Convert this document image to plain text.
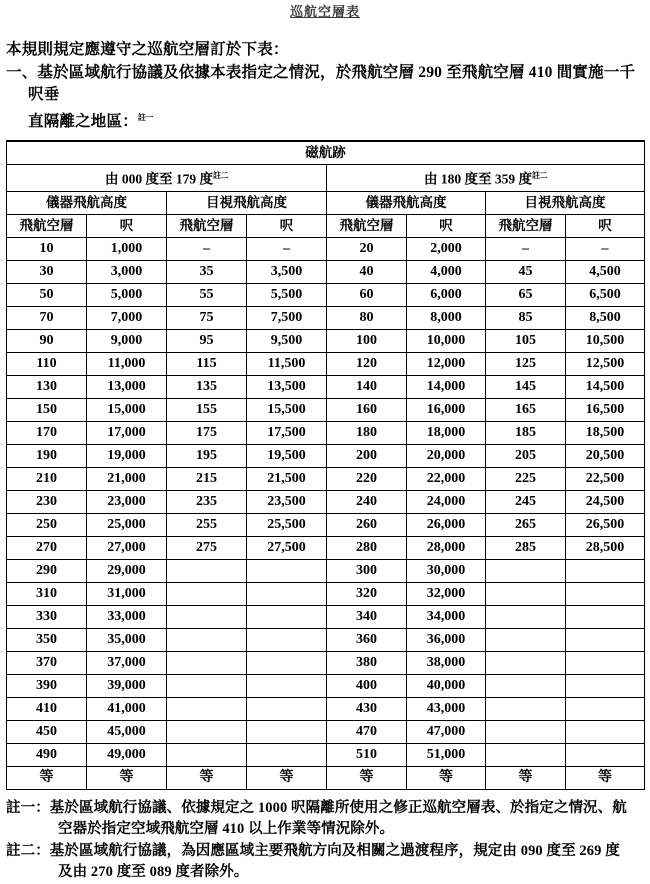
巡航空層表

本規則規定應遵守之巡航空層訂於下表：

一、基於區域航行協議及依據本表指定之情況，於飛航空層 290 至飛航空層 410 間實施一千呎垂
直隔離之地區：$^{註一}$

磁航跡							
由 000 度至 179 度$^{註二}$				由 180 度至 359 度$^{註二}$
儀器飛航高度		目視飛航高度		儀器飛航高度		目視飛航高度	
飛航空層	呎	飛航空層	呎	飛航空層	呎	飛航空層	呎
10	1,000	–	–	20	2,000	–	–
30	3,000	35	3,500	40	4,000	45	4,500
50	5,000	55	5,500	60	6,000	65	6,500
70	7,000	75	7,500	80	8,000	85	8,500
90	9,000	95	9,500	100	10,000	105	10,500
110	11,000	115	11,500	120	12,000	125	12,500
130	13,000	135	13,500	140	14,000	145	14,500
150	15,000	155	15,500	160	16,000	165	16,500
170	17,000	175	17,500	180	18,000	185	18,500
190	19,000	195	19,500	200	20,000	205	20,500
210	21,000	215	21,500	220	22,000	225	22,500
230	23,000	235	23,500	240	24,000	245	24,500
250	25,000	255	25,500	260	26,000	265	26,500
270	27,000	275	27,500	280	28,000	285	28,500
290	29,000			300	30,000		
310	31,000			320	32,000		
330	33,000			340	34,000		
350	35,000			360	36,000		
370	37,000			380	38,000		
390	39,000			400	40,000		
410	41,000			430	43,000		
450	45,000			470	47,000		
490	49,000			510	51,000		
等	等	等	等	等	等	等	等
註一：基於區域航行協議、依據規定之 1000 呎隔離所使用之修正巡航空層表、於指定之情況、航
空器於指定空域飛航空層 410 以上作業等情況除外。
註二：基於區域航行協議，為因應區域主要飛航方向及相關之過渡程序，規定由 090 度至 269 度
及由 270 度至 089 度者除外。
